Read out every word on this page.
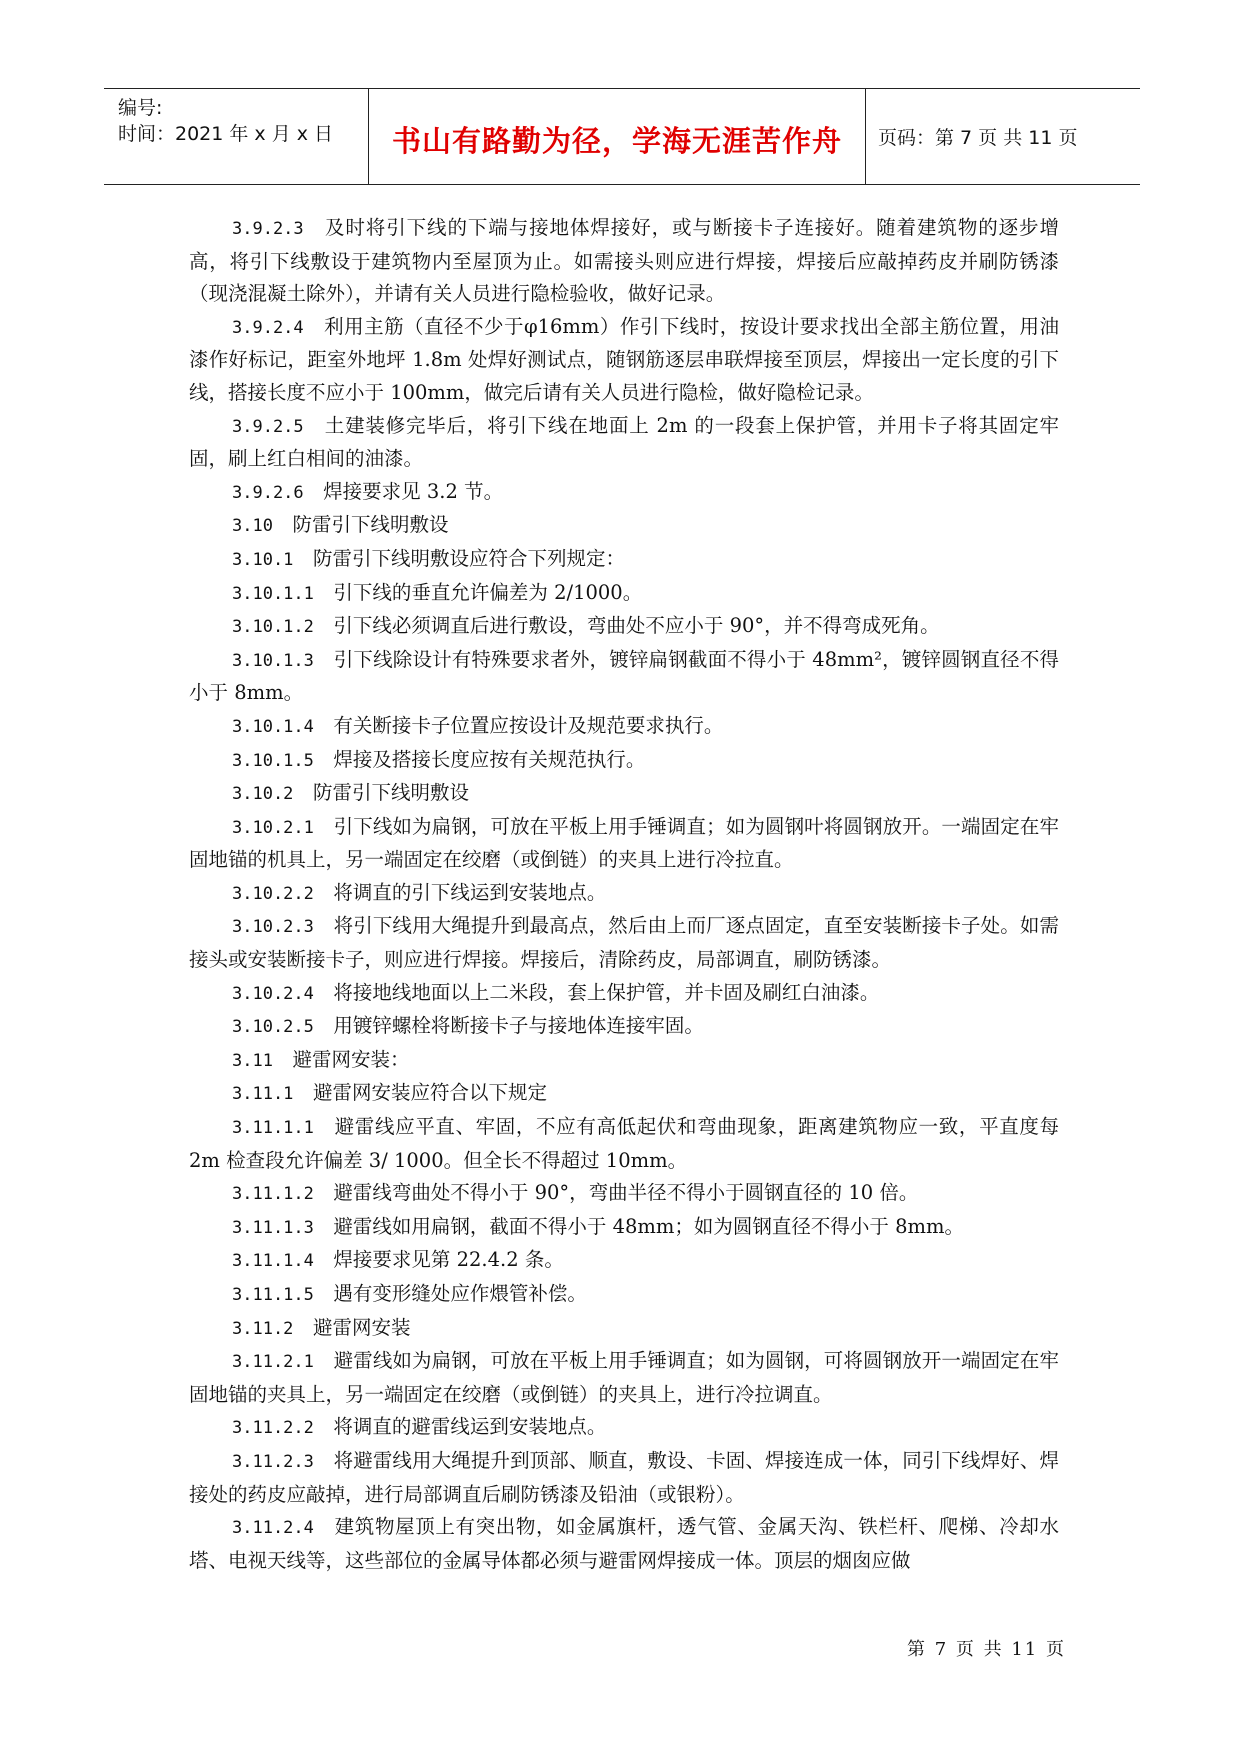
编号:
时间：2021 年 x 月 x 日	书山有路勤为径，学海无涯苦作舟	页码：第 7 页 共 11 页

3.9.2.3　 及时将引下线的下端与接地体焊接好，或与断接卡子连接好。随着建筑物的逐步增高，将引下线敷设于建筑物内至屋顶为止。如需接头则应进行焊接，焊接后应敲掉药皮并刷防锈漆（现浇混凝土除外），并请有关人员进行隐检验收，做好记录。

3.9.2.4　 利用主筋（直径不少于φ16mm）作引下线时，按设计要求找出全部主筋位置，用油漆作好标记，距室外地坪 1.8m 处焊好测试点，随钢筋逐层串联焊接至顶层，焊接出一定长度的引下线，搭接长度不应小于 100mm，做完后请有关人员进行隐检，做好隐检记录。

3.9.2.5　 土建装修完毕后，将引下线在地面上 2m 的一段套上保护管，并用卡子将其固定牢固，刷上红白相间的油漆。

3.9.2.6　 焊接要求见 3.2 节。

3.10　 防雷引下线明敷设

3.10.1　 防雷引下线明敷设应符合下列规定：

3.10.1.1　 引下线的垂直允许偏差为 2/1000。

3.10.1.2　 引下线必须调直后进行敷设，弯曲处不应小于 90°，并不得弯成死角。

3.10.1.3　 引下线除设计有特殊要求者外，镀锌扁钢截面不得小于 48mm²，镀锌圆钢直径不得小于 8mm。

3.10.1.4　 有关断接卡子位置应按设计及规范要求执行。

3.10.1.5　 焊接及搭接长度应按有关规范执行。

3.10.2　 防雷引下线明敷设

3.10.2.1　 引下线如为扁钢，可放在平板上用手锤调直；如为圆钢叶将圆钢放开。一端固定在牢固地锚的机具上，另一端固定在绞磨（或倒链）的夹具上进行冷拉直。

3.10.2.2　 将调直的引下线运到安装地点。

3.10.2.3　 将引下线用大绳提升到最高点，然后由上而厂逐点固定，直至安装断接卡子处。如需接头或安装断接卡子，则应进行焊接。焊接后，清除药皮，局部调直，刷防锈漆。

3.10.2.4　 将接地线地面以上二米段，套上保护管，并卡固及刷红白油漆。

3.10.2.5　 用镀锌螺栓将断接卡子与接地体连接牢固。

3.11　 避雷网安装：

3.11.1　 避雷网安装应符合以下规定

3.11.1.1　 避雷线应平直、牢固，不应有高低起伏和弯曲现象，距离建筑物应一致，平直度每 2m 检查段允许偏差 3/ 1000。但全长不得超过 10mm。

3.11.1.2　 避雷线弯曲处不得小于 90°，弯曲半径不得小于圆钢直径的 10 倍。

3.11.1.3　 避雷线如用扁钢，截面不得小于 48mm；如为圆钢直径不得小于 8mm。

3.11.1.4　 焊接要求见第 22.4.2 条。

3.11.1.5　 遇有变形缝处应作煨管补偿。

3.11.2　 避雷网安装

3.11.2.1　 避雷线如为扁钢，可放在平板上用手锤调直；如为圆钢，可将圆钢放开一端固定在牢固地锚的夹具上，另一端固定在绞磨（或倒链）的夹具上，进行冷拉调直。

3.11.2.2　 将调直的避雷线运到安装地点。

3.11.2.3　 将避雷线用大绳提升到顶部、顺直，敷设、卡固、焊接连成一体，同引下线焊好、焊接处的药皮应敲掉，进行局部调直后刷防锈漆及铅油（或银粉）。

3.11.2.4　 建筑物屋顶上有突出物，如金属旗杆，透气管、金属天沟、铁栏杆、爬梯、冷却水塔、电视天线等，这些部位的金属导体都必须与避雷网焊接成一体。顶层的烟囱应做

第 7 页 共 11 页
